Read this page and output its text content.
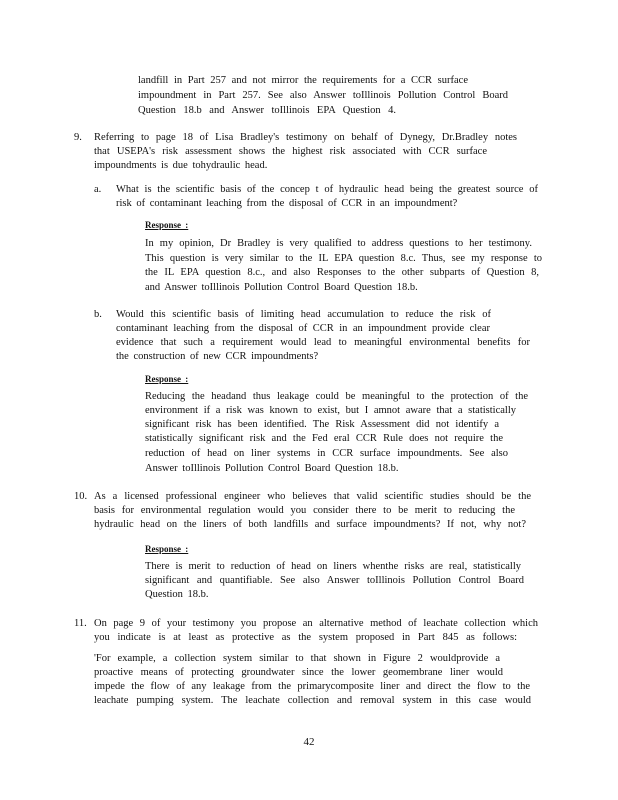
landfill in Part 257 and not mirror the requirements for a CCR surface
impoundment in Part 257. See also Answer toIllinois Pollution Control Board
Question 18.b and Answer toIllinois EPA Question 4.
9. Referring to page 18 of Lisa Bradley's testimony on behalf of Dynegy, Dr.Bradley notes
that USEPA's risk assessment shows the highest risk associated with CCR surface
impoundments is due tohydraulic head.
a. What is the scientific basis of the concep t of hydraulic head being the greatest source of
risk of contaminant leaching from the disposal of CCR in an impoundment?
Response :
In my opinion, Dr Bradley is very qualified to address questions to her testimony.
This question is very similar to the IL EPA question 8.c. Thus, see my response to
the IL EPA question 8.c., and also Responses to the other subparts of Question 8,
and Answer toIllinois Pollution Control Board Question 18.b.
b. Would this scientific basis of limiting head accumulation to reduce the risk of
contaminant leaching from the disposal of CCR in an impoundment provide clear
evidence that such a requirement would lead to meaningful environmental benefits for
the construction of new CCR impoundments?
Response :
Reducing the headand thus leakage could be meaningful to the protection of the
environment if a risk was known to exist, but I amnot aware that a statistically
significant risk has been identified. The Risk Assessment did not identify a
statistically significant risk and the Fed eral CCR Rule does not require the
reduction of head on liner systems in CCR surface impoundments. See also
Answer toIllinois Pollution Control Board Question 18.b.
10. As a licensed professional engineer who believes that valid scientific studies should be the
basis for environmental regulation would you consider there to be merit to reducing the
hydraulic head on the liners of both landfills and surface impoundments? If not, why not?
Response :
There is merit to reduction of head on liners whenthe risks are real, statistically
significant and quantifiable. See also Answer toIllinois Pollution Control Board
Question 18.b.
11. On page 9 of your testimony you propose an alternative method of leachate collection which
you indicate is at least as protective as the system proposed in Part 845 as follows:
'For example, a collection system similar to that shown in Figure 2 wouldprovide a
proactive means of protecting groundwater since the lower geomembrane liner would
impede the flow of any leakage from the primarycomposite liner and direct the flow to the
leachate pumping system. The leachate collection and removal system in this case would
42
